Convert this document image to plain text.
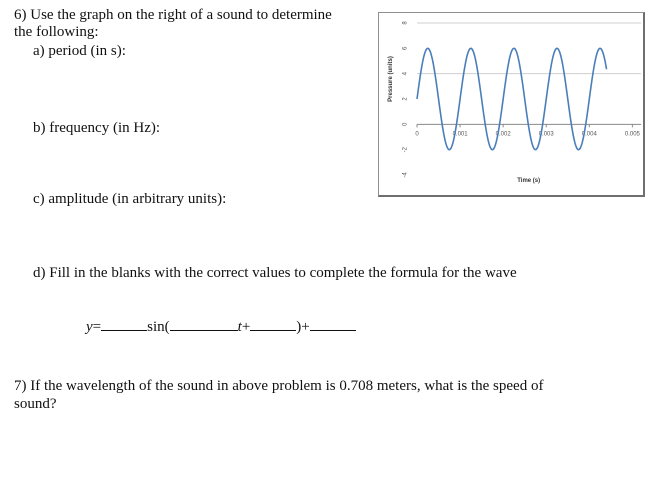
6) Use the graph on the right of a sound to determine
the following:
a) period (in s):
b) frequency (in Hz):
c) amplitude (in arbitrary units):
d) Fill in the blanks with the correct values to complete the formula for the wave
y=	sin(	t+	)+
7) If the wavelength of the sound in above problem is 0.708 meters, what is the speed of
sound?
8
6
4
2
0
-2
-4
0	0.001	0.002	0.003	0.004	0.005
Pressure (units)
Time (s)
